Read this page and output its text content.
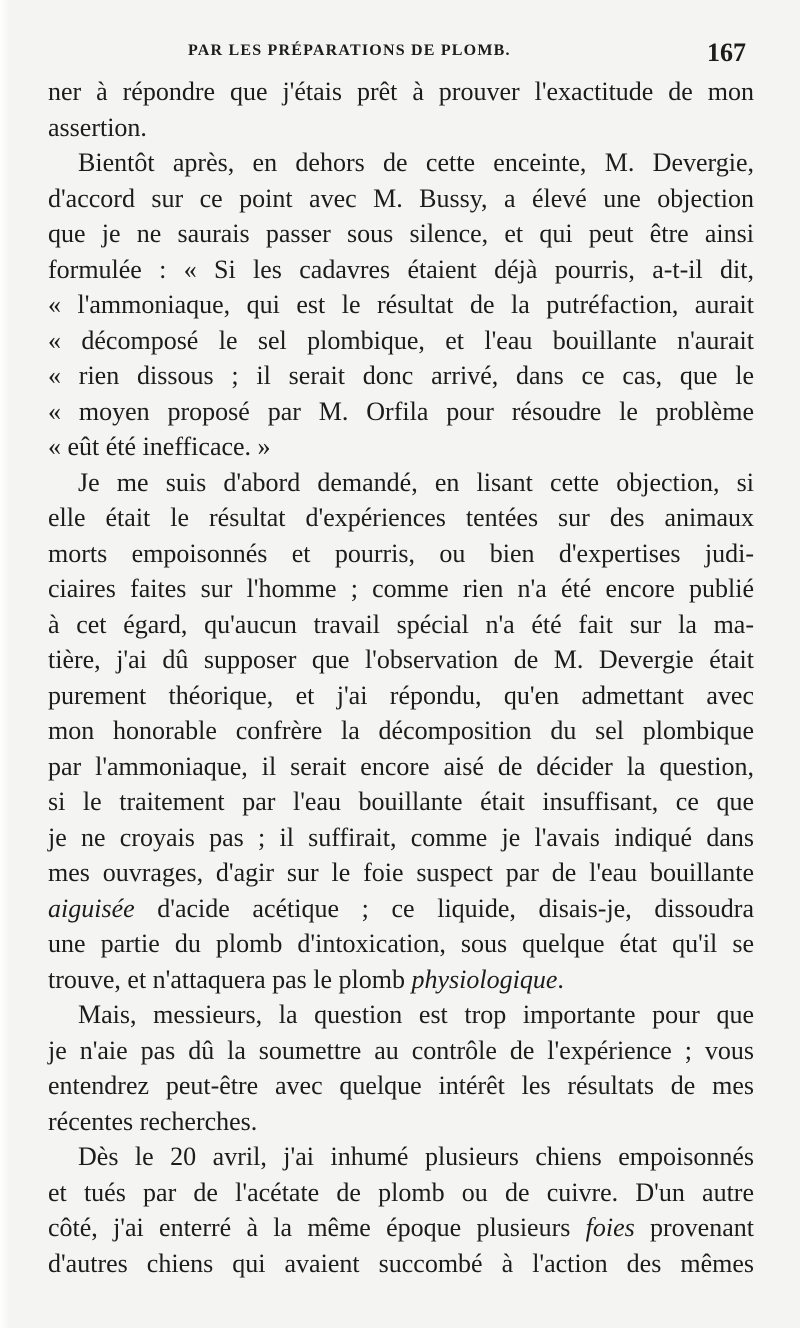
PAR LES PRÉPARATIONS DE PLOMB.	167
ner à répondre que j'étais prêt à prouver l'exactitude de mon
assertion.
Bientôt après, en dehors de cette enceinte, M. Devergie,
d'accord sur ce point avec M. Bussy, a élevé une objection
que je ne saurais passer sous silence, et qui peut être ainsi
formulée : « Si les cadavres étaient déjà pourris, a-t-il dit,
« l'ammoniaque, qui est le résultat de la putréfaction, aurait
« décomposé le sel plombique, et l'eau bouillante n'aurait
« rien dissous ; il serait donc arrivé, dans ce cas, que le
« moyen proposé par M. Orfila pour résoudre le problème
« eût été inefficace. »
Je me suis d'abord demandé, en lisant cette objection, si
elle était le résultat d'expériences tentées sur des animaux
morts empoisonnés et pourris, ou bien d'expertises judi-
ciaires faites sur l'homme ; comme rien n'a été encore publié
à cet égard, qu'aucun travail spécial n'a été fait sur la ma-
tière, j'ai dû supposer que l'observation de M. Devergie était
purement théorique, et j'ai répondu, qu'en admettant avec
mon honorable confrère la décomposition du sel plombique
par l'ammoniaque, il serait encore aisé de décider la question,
si le traitement par l'eau bouillante était insuffisant, ce que
je ne croyais pas ; il suffirait, comme je l'avais indiqué dans
mes ouvrages, d'agir sur le foie suspect par de l'eau bouillante
aiguisée d'acide acétique ; ce liquide, disais-je, dissoudra
une partie du plomb d'intoxication, sous quelque état qu'il se
trouve, et n'attaquera pas le plomb physiologique.
Mais, messieurs, la question est trop importante pour que
je n'aie pas dû la soumettre au contrôle de l'expérience ; vous
entendrez peut-être avec quelque intérêt les résultats de mes
récentes recherches.
Dès le 20 avril, j'ai inhumé plusieurs chiens empoisonnés
et tués par de l'acétate de plomb ou de cuivre. D'un autre
côté, j'ai enterré à la même époque plusieurs foies provenant
d'autres chiens qui avaient succombé à l'action des mêmes
